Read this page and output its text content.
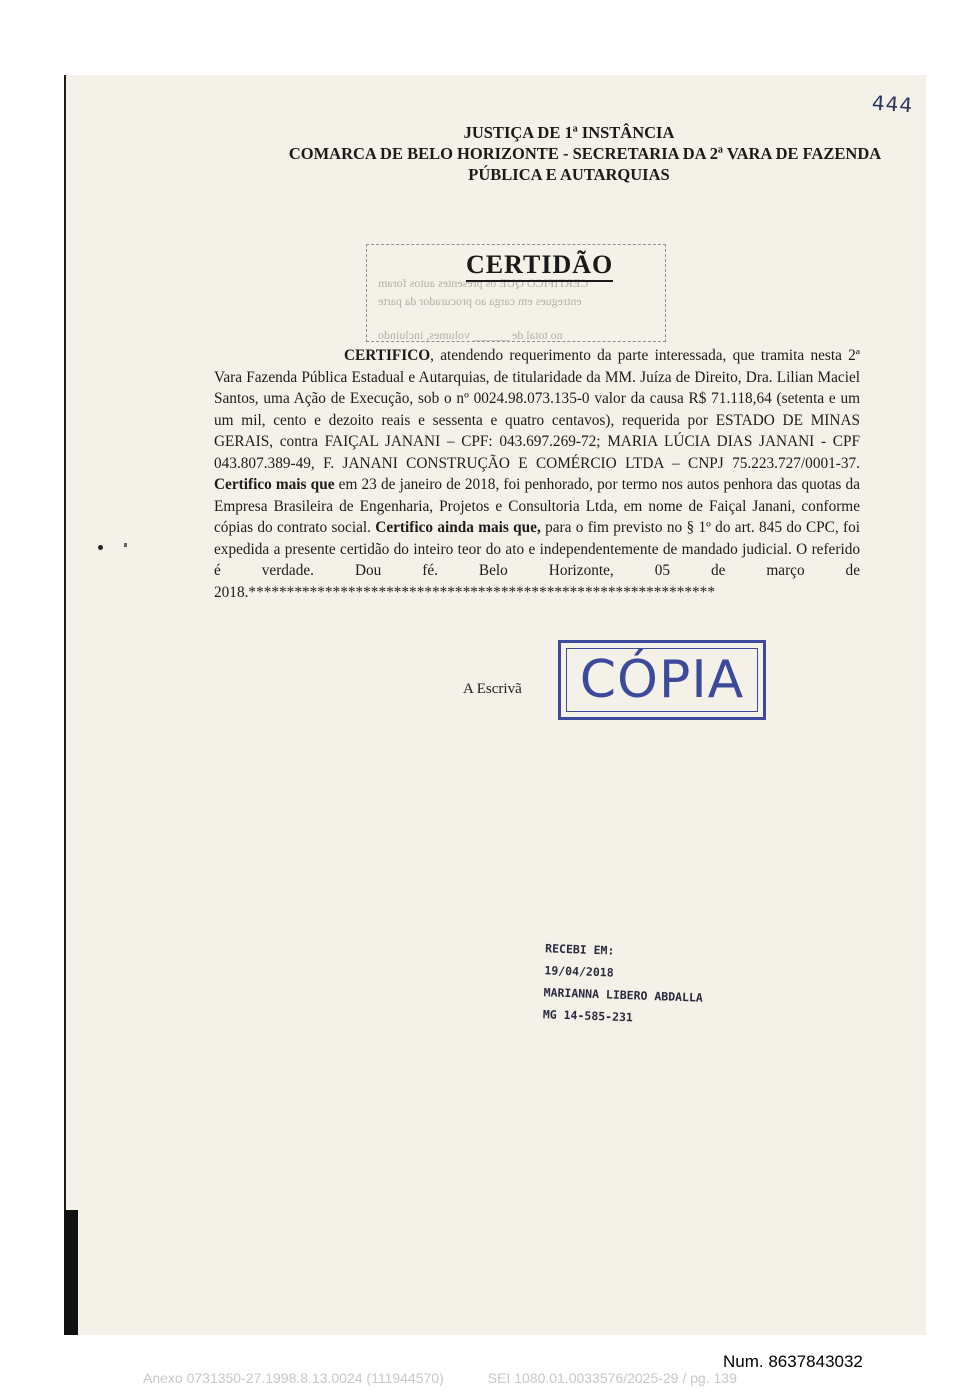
444
JUSTIÇA DE 1ª INSTÂNCIA
COMARCA DE BELO HORIZONTE - SECRETARIA DA 2ª VARA DE FAZENDA
PÚBLICA E AUTARQUIAS
CERTIFICO QUE os presentes autos foram
entregues em carga ao procurador da parte
no total de ______ volumes, incluindo
CERTIDÃO

CERTIFICO, atendendo requerimento da parte interessada, que tramita nesta 2ª Vara Fazenda Pública Estadual e Autarquias, de titularidade da MM. Juíza de Direito, Dra. Lilian Maciel Santos, uma Ação de Execução, sob o nº 0024.98.073.135-0 valor da causa R$ 71.118,64 (setenta e um um mil, cento e dezoito reais e sessenta e quatro centavos), requerida por ESTADO DE MINAS GERAIS, contra FAIÇAL JANANI – CPF: 043.697.269-72; MARIA LÚCIA DIAS JANANI - CPF 043.807.389-49, F. JANANI CONSTRUÇÃO E COMÉRCIO LTDA – CNPJ 75.223.727/0001-37. Certifico mais que em 23 de janeiro de 2018, foi penhorado, por termo nos autos penhora das quotas da Empresa Brasileira de Engenharia, Projetos e Consultoria Ltda, em nome de Faiçal Janani, conforme cópias do contrato social. Certifico ainda mais que, para o fim previsto no § 1º do art. 845 do CPC, foi expedida a presente certidão do inteiro teor do ato e independentemente de mandado judicial. O referido é verdade. Dou fé. Belo Horizonte, 05 de março de 2018.*************************************************************

A Escrivã CÓPIA
RECEBI EM:
19/04/2018
MARIANNA LIBERO ABDALLA
MG 14-585-231
Num. 8637843032
Anexo 0731350-27.1998.8.13.0024 (111944570)	SEI 1080.01.0033576/2025-29 / pg. 139
